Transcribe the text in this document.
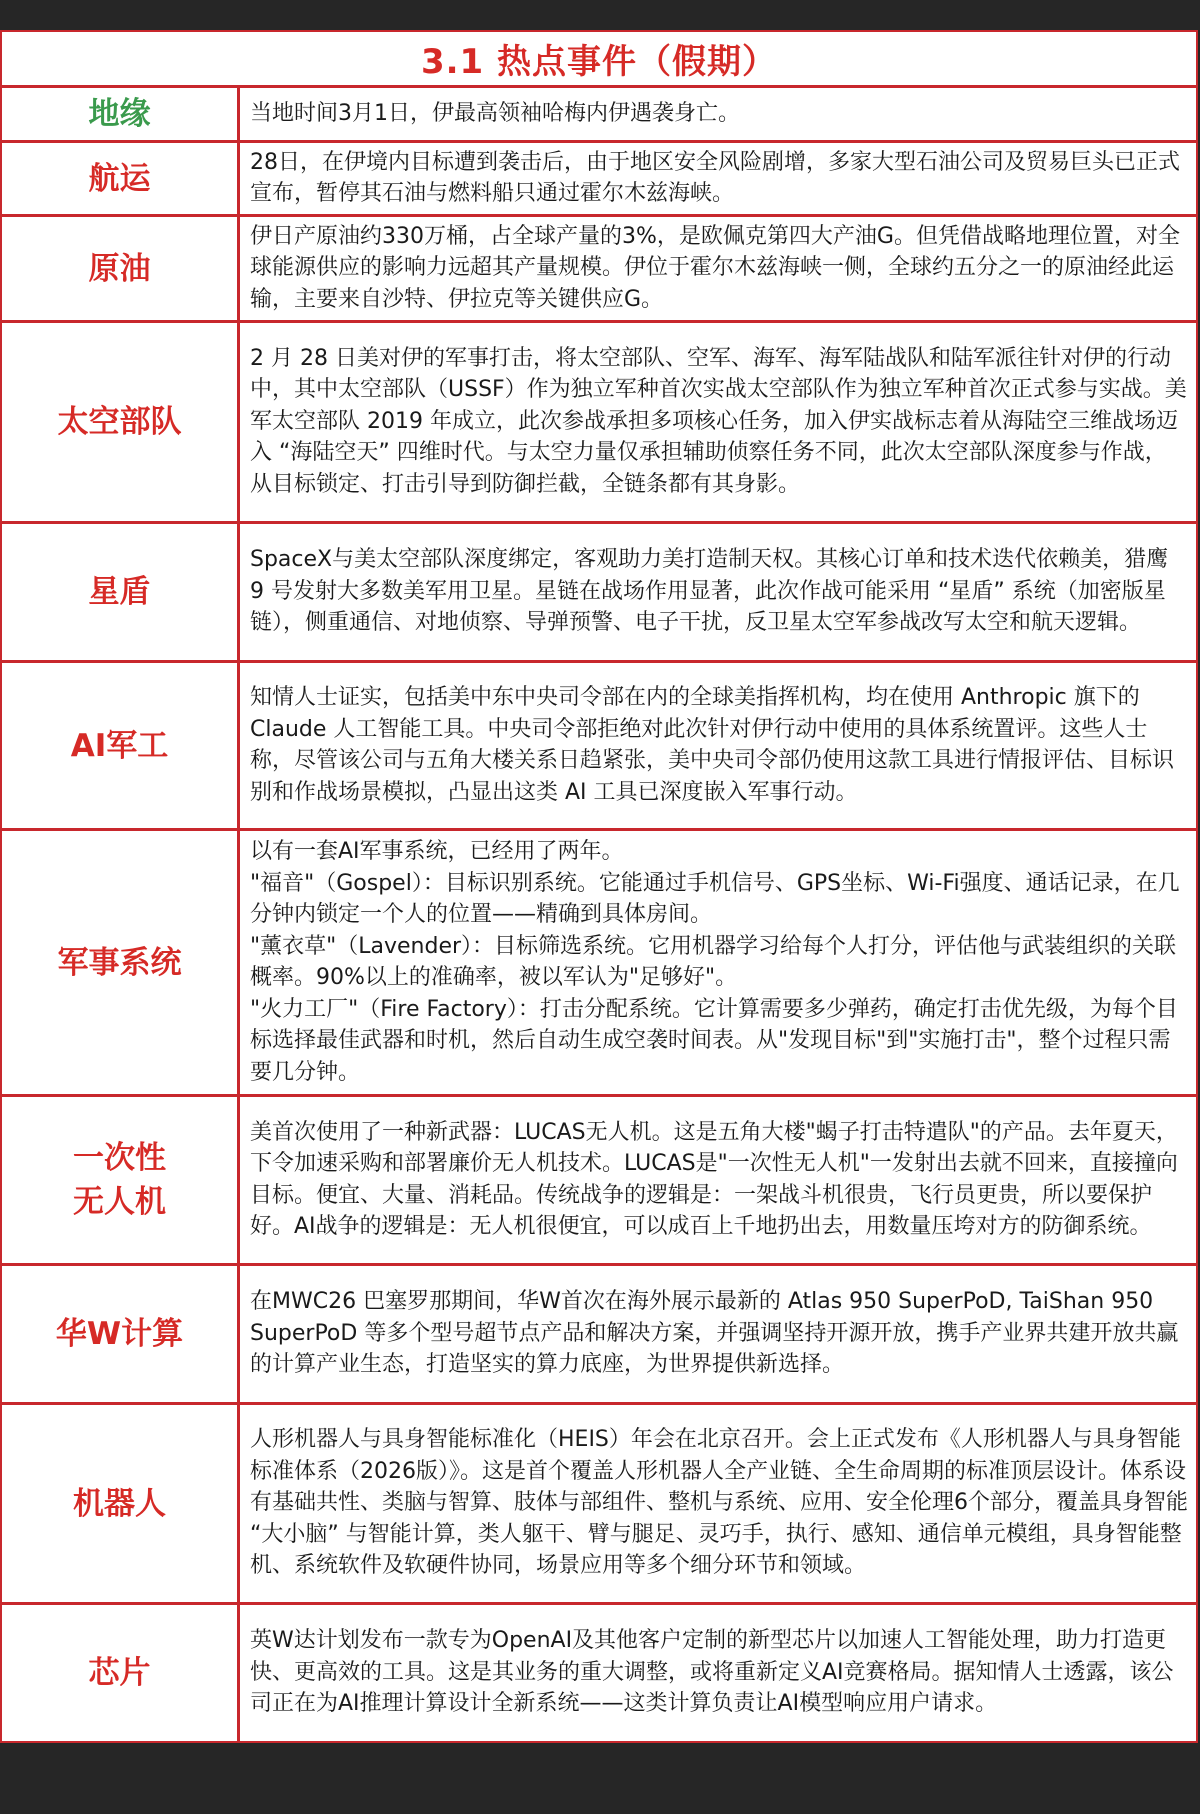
3.1 热点事件（假期）
地缘	当地时间3月1日，伊最高领袖哈梅内伊遇袭身亡。

航运	28日，在伊境内目标遭到袭击后，由于地区安全风险剧增，多家大型石油公司及贸易巨头已正式宣布，暂停其石油与燃料船只通过霍尔木兹海峡。

原油

伊日产原油约330万桶，占全球产量的3%，是欧佩克第四大产油G。但凭借战略地理位置，对全球能源供应的影响力远超其产量规模。伊位于霍尔木兹海峡一侧，全球约五分之一的原油经此运输，主要来自沙特、伊拉克等关键供应G。

太空部队

2 月 28 日美对伊的军事打击，将太空部队、空军、海军、海军陆战队和陆军派往针对伊的行动中，其中太空部队（USSF）作为独立军种首次实战太空部队作为独立军种首次正式参与实战。美军太空部队 2019 年成立，此次参战承担多项核心任务，加入伊实战标志着从海陆空三维战场迈入 “海陆空天” 四维时代。与太空力量仅承担辅助侦察任务不同，此次太空部队深度参与作战，从目标锁定、打击引导到防御拦截，全链条都有其身影。

星盾

SpaceX与美太空部队深度绑定，客观助力美打造制天权。其核心订单和技术迭代依赖美，猎鹰 9 号发射大多数美军用卫星。星链在战场作用显著，此次作战可能采用 “星盾” 系统（加密版星链），侧重通信、对地侦察、导弹预警、电子干扰，反卫星太空军参战改写太空和航天逻辑。

AI军工

知情人士证实，包括美中东中央司令部在内的全球美指挥机构，均在使用 Anthropic 旗下的 Claude 人工智能工具。中央司令部拒绝对此次针对伊行动中使用的具体系统置评。这些人士称，尽管该公司与五角大楼关系日趋紧张，美中央司令部仍使用这款工具进行情报评估、目标识别和作战场景模拟，凸显出这类 AI 工具已深度嵌入军事行动。

军事系统

以有一套AI军事系统，已经用了两年。

"福音"（Gospel）：目标识别系统。它能通过手机信号、GPS坐标、Wi-Fi强度、通话记录，在几分钟内锁定一个人的位置——精确到具体房间。

"薰衣草"（Lavender）：目标筛选系统。它用机器学习给每个人打分，评估他与武装组织的关联概率。90%以上的准确率，被以军认为"足够好"。

"火力工厂"（Fire Factory）：打击分配系统。它计算需要多少弹药，确定打击优先级，为每个目标选择最佳武器和时机，然后自动生成空袭时间表。从"发现目标"到"实施打击"，整个过程只需要几分钟。

一次性
无人机

美首次使用了一种新武器：LUCAS无人机。这是五角大楼"蝎子打击特遣队"的产品。去年夏天，下令加速采购和部署廉价无人机技术。LUCAS是"一次性无人机"一发射出去就不回来，直接撞向目标。便宜、大量、消耗品。传统战争的逻辑是：一架战斗机很贵，飞行员更贵，所以要保护好。AI战争的逻辑是：无人机很便宜，可以成百上千地扔出去，用数量压垮对方的防御系统。

华W计算

在MWC26 巴塞罗那期间，华W首次在海外展示最新的 Atlas 950 SuperPoD, TaiShan 950 SuperPoD 等多个型号超节点产品和解决方案，并强调坚持开源开放，携手产业界共建开放共赢的计算产业生态，打造坚实的算力底座，为世界提供新选择。

机器人

人形机器人与具身智能标准化（HEIS）年会在北京召开。会上正式发布《人形机器人与具身智能标准体系（2026版）》。这是首个覆盖人形机器人全产业链、全生命周期的标准顶层设计。体系设有基础共性、类脑与智算、肢体与部组件、整机与系统、应用、安全伦理6个部分，覆盖具身智能 “大小脑” 与智能计算，类人躯干、臂与腿足、灵巧手，执行、感知、通信单元模组，具身智能整机、系统软件及软硬件协同，场景应用等多个细分环节和领域。

芯片

英W达计划发布一款专为OpenAI及其他客户定制的新型芯片以加速人工智能处理，助力打造更快、更高效的工具。这是其业务的重大调整，或将重新定义AI竞赛格局。据知情人士透露，该公司正在为AI推理计算设计全新系统——这类计算负责让AI模型响应用户请求。
